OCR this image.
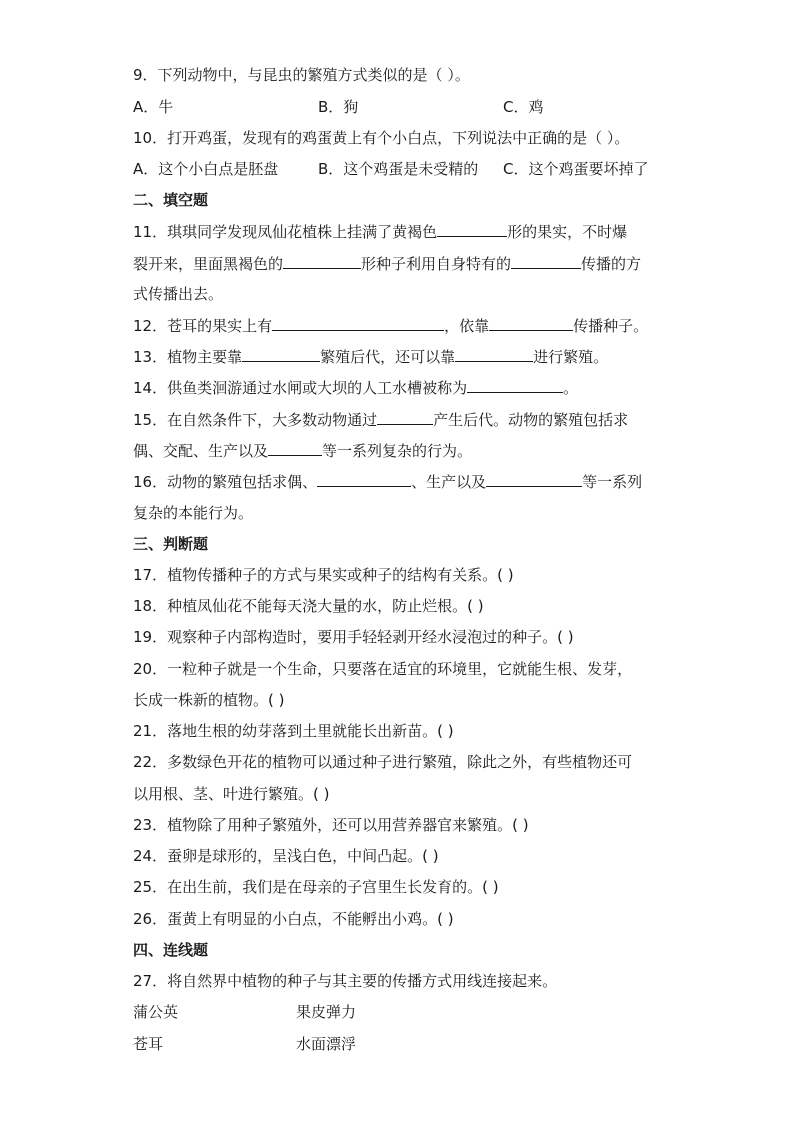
9．下列动物中，与昆虫的繁殖方式类似的是（ ）。
A．牛	B．狗	C．鸡
10．打开鸡蛋，发现有的鸡蛋黄上有个小白点，下列说法中正确的是（ ）。
A．这个小白点是胚盘	B．这个鸡蛋是未受精的 C．这个鸡蛋要坏掉了
二、填空题
11．琪琪同学发现凤仙花植株上挂满了黄褐色	形的果实，不时爆
裂开来，里面黑褐色的	形种子利用自身特有的	传播的方
式传播出去。
12．苍耳的果实上有	，依靠	传播种子。
13．植物主要靠	繁殖后代，还可以靠	进行繁殖。
14．供鱼类洄游通过水闸或大坝的人工水槽被称为	。
15．在自然条件下，大多数动物通过	产生后代。动物的繁殖包括求
偶、交配、生产以及	等一系列复杂的行为。
16．动物的繁殖包括求偶、	、生产以及	等一系列
复杂的本能行为。
三、判断题
17．植物传播种子的方式与果实或种子的结构有关系。( )
18．种植凤仙花不能每天浇大量的水，防止烂根。( )
19．观察种子内部构造时，要用手轻轻剥开经水浸泡过的种子。( )
20．一粒种子就是一个生命，只要落在适宜的环境里，它就能生根、发芽，
长成一株新的植物。( )
21．落地生根的幼芽落到土里就能长出新苗。( )
22．多数绿色开花的植物可以通过种子进行繁殖，除此之外，有些植物还可
以用根、茎、叶进行繁殖。( )
23．植物除了用种子繁殖外，还可以用营养器官来繁殖。( )
24．蚕卵是球形的，呈浅白色，中间凸起。( )
25．在出生前，我们是在母亲的子宫里生长发育的。( )
26．蛋黄上有明显的小白点，不能孵出小鸡。( )
四、连线题
27．将自然界中植物的种子与其主要的传播方式用线连接起来。
蒲公英	果皮弹力
苍耳	水面漂浮
